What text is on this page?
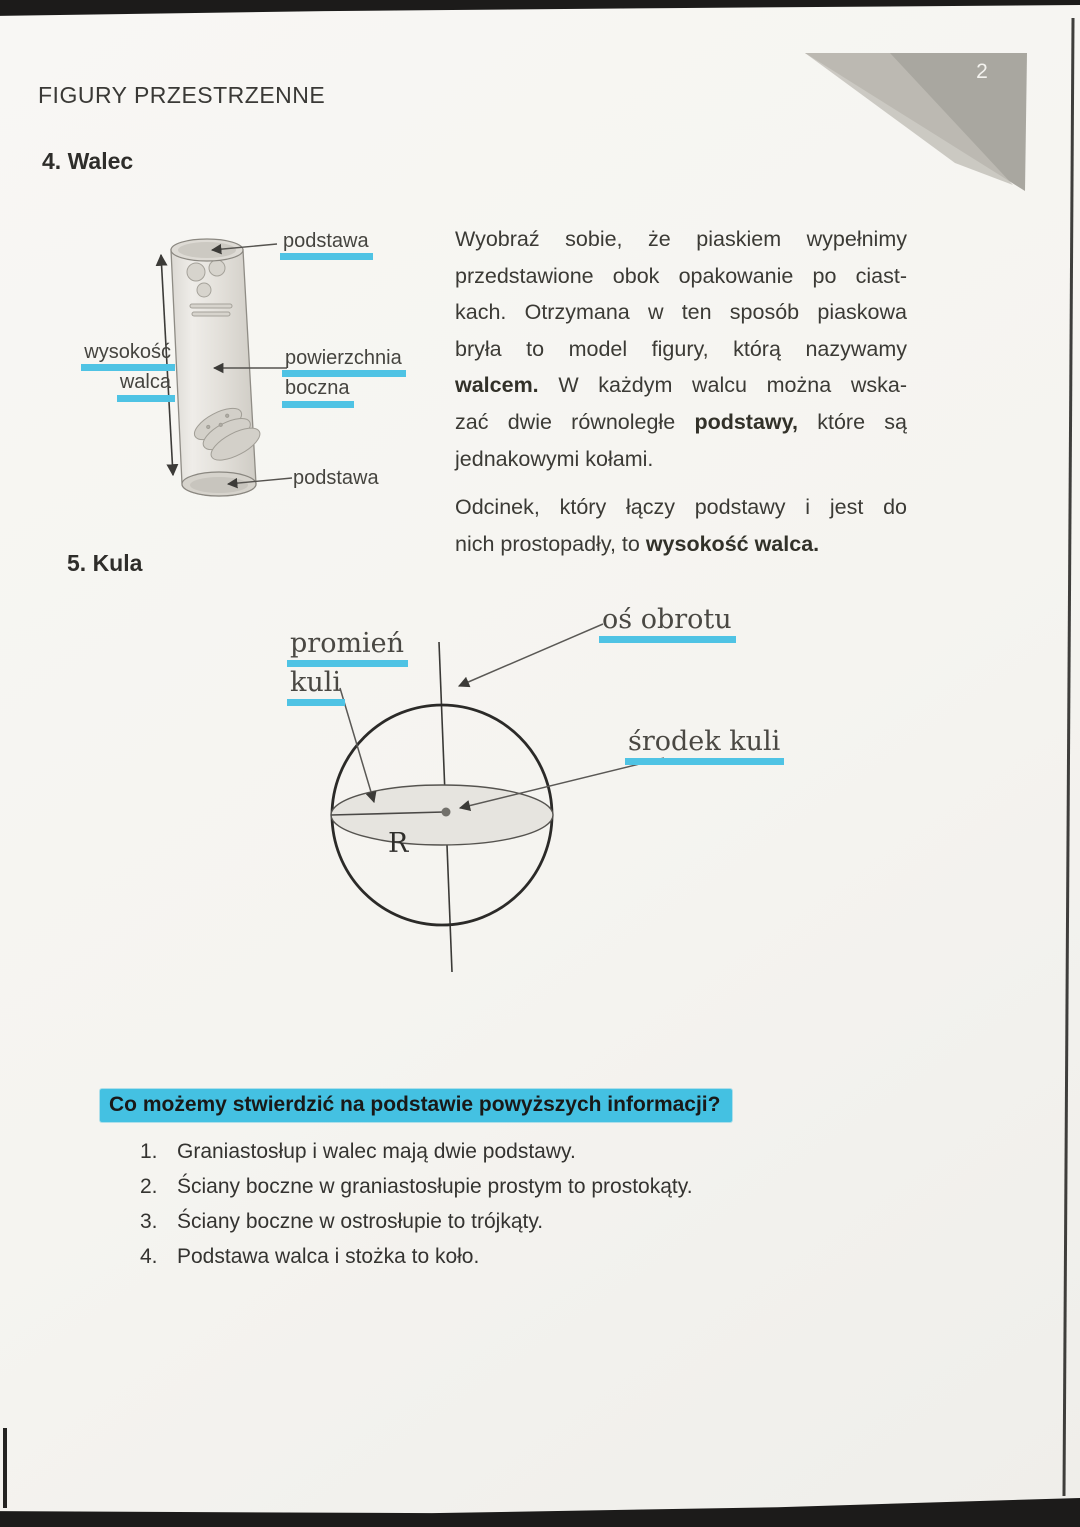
2
FIGURY PRZESTRZENNE
4. Walec
podstawa
wysokość
walca
powierzchnia
boczna
podstawa
Wyobraź sobie, że piaskiem wypełnimy
przedstawione obok opakowanie po ciast-
kach. Otrzymana w ten sposób piaskowa
bryła to model figury, którą nazywamy
walcem. W każdym walcu można wska-
zać dwie równoległe podstawy, które są
jednakowymi kołami.
Odcinek, który łączy podstawy i jest do
nich prostopadły, to wysokość walca.
5. Kula
R
promień
kuli
oś obrotu
środek kuli
Co możemy stwierdzić na podstawie powyższych informacji?
1. Graniastosłup i walec mają dwie podstawy.
2. Ściany boczne w graniastosłupie prostym to prostokąty.
3. Ściany boczne w ostrosłupie to trójkąty.
4. Podstawa walca i stożka to koło.
